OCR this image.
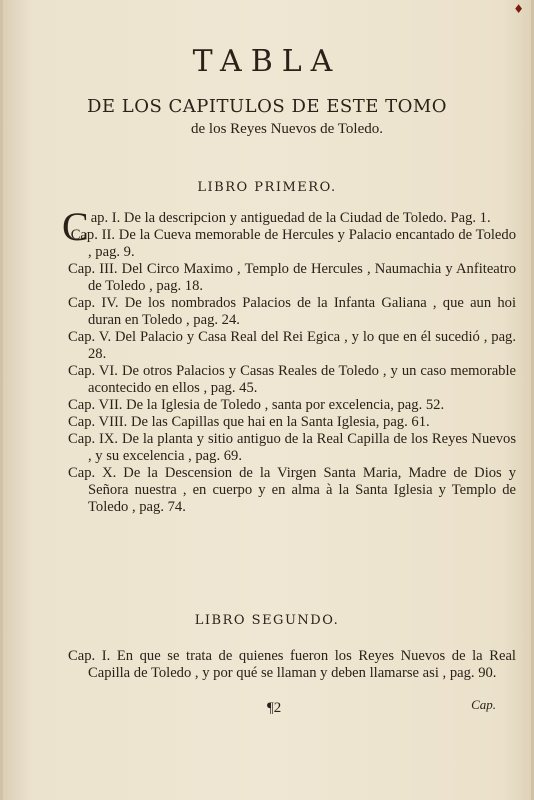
♦
TABLA
DE LOS CAPITULOS DE ESTE TOMO
de los Reyes Nuevos de Toledo.
LIBRO PRIMERO.

Cap. I. De la descripcion y antiguedad de la Ciudad de Toledo. Pag. 1.

Cap. II. De la Cueva memorable de Hercules y Palacio encantado de Toledo , pag. 9.

Cap. III. Del Circo Maximo , Templo de Hercules , Naumachia y Anfiteatro de Toledo , pag. 18.

Cap. IV. De los nombrados Palacios de la Infanta Galiana , que aun hoi duran en Toledo , pag. 24.

Cap. V. Del Palacio y Casa Real del Rei Egica , y lo que en él sucedió , pag. 28.

Cap. VI. De otros Palacios y Casas Reales de Toledo , y un caso memorable acontecido en ellos , pag. 45.

Cap. VII. De la Iglesia de Toledo , santa por excelencia, pag. 52.

Cap. VIII. De las Capillas que hai en la Santa Iglesia, pag. 61.

Cap. IX. De la planta y sitio antiguo de la Real Capilla de los Reyes Nuevos , y su excelencia , pag. 69.

Cap. X. De la Descension de la Virgen Santa Maria, Madre de Dios y Señora nuestra , en cuerpo y en alma à la Santa Iglesia y Templo de Toledo , pag. 74.

LIBRO SEGUNDO.

Cap. I. En que se trata de quienes fueron los Reyes Nuevos de la Real Capilla de Toledo , y por qué se llaman y deben llamarse asi , pag. 90.

¶2	Cap.
